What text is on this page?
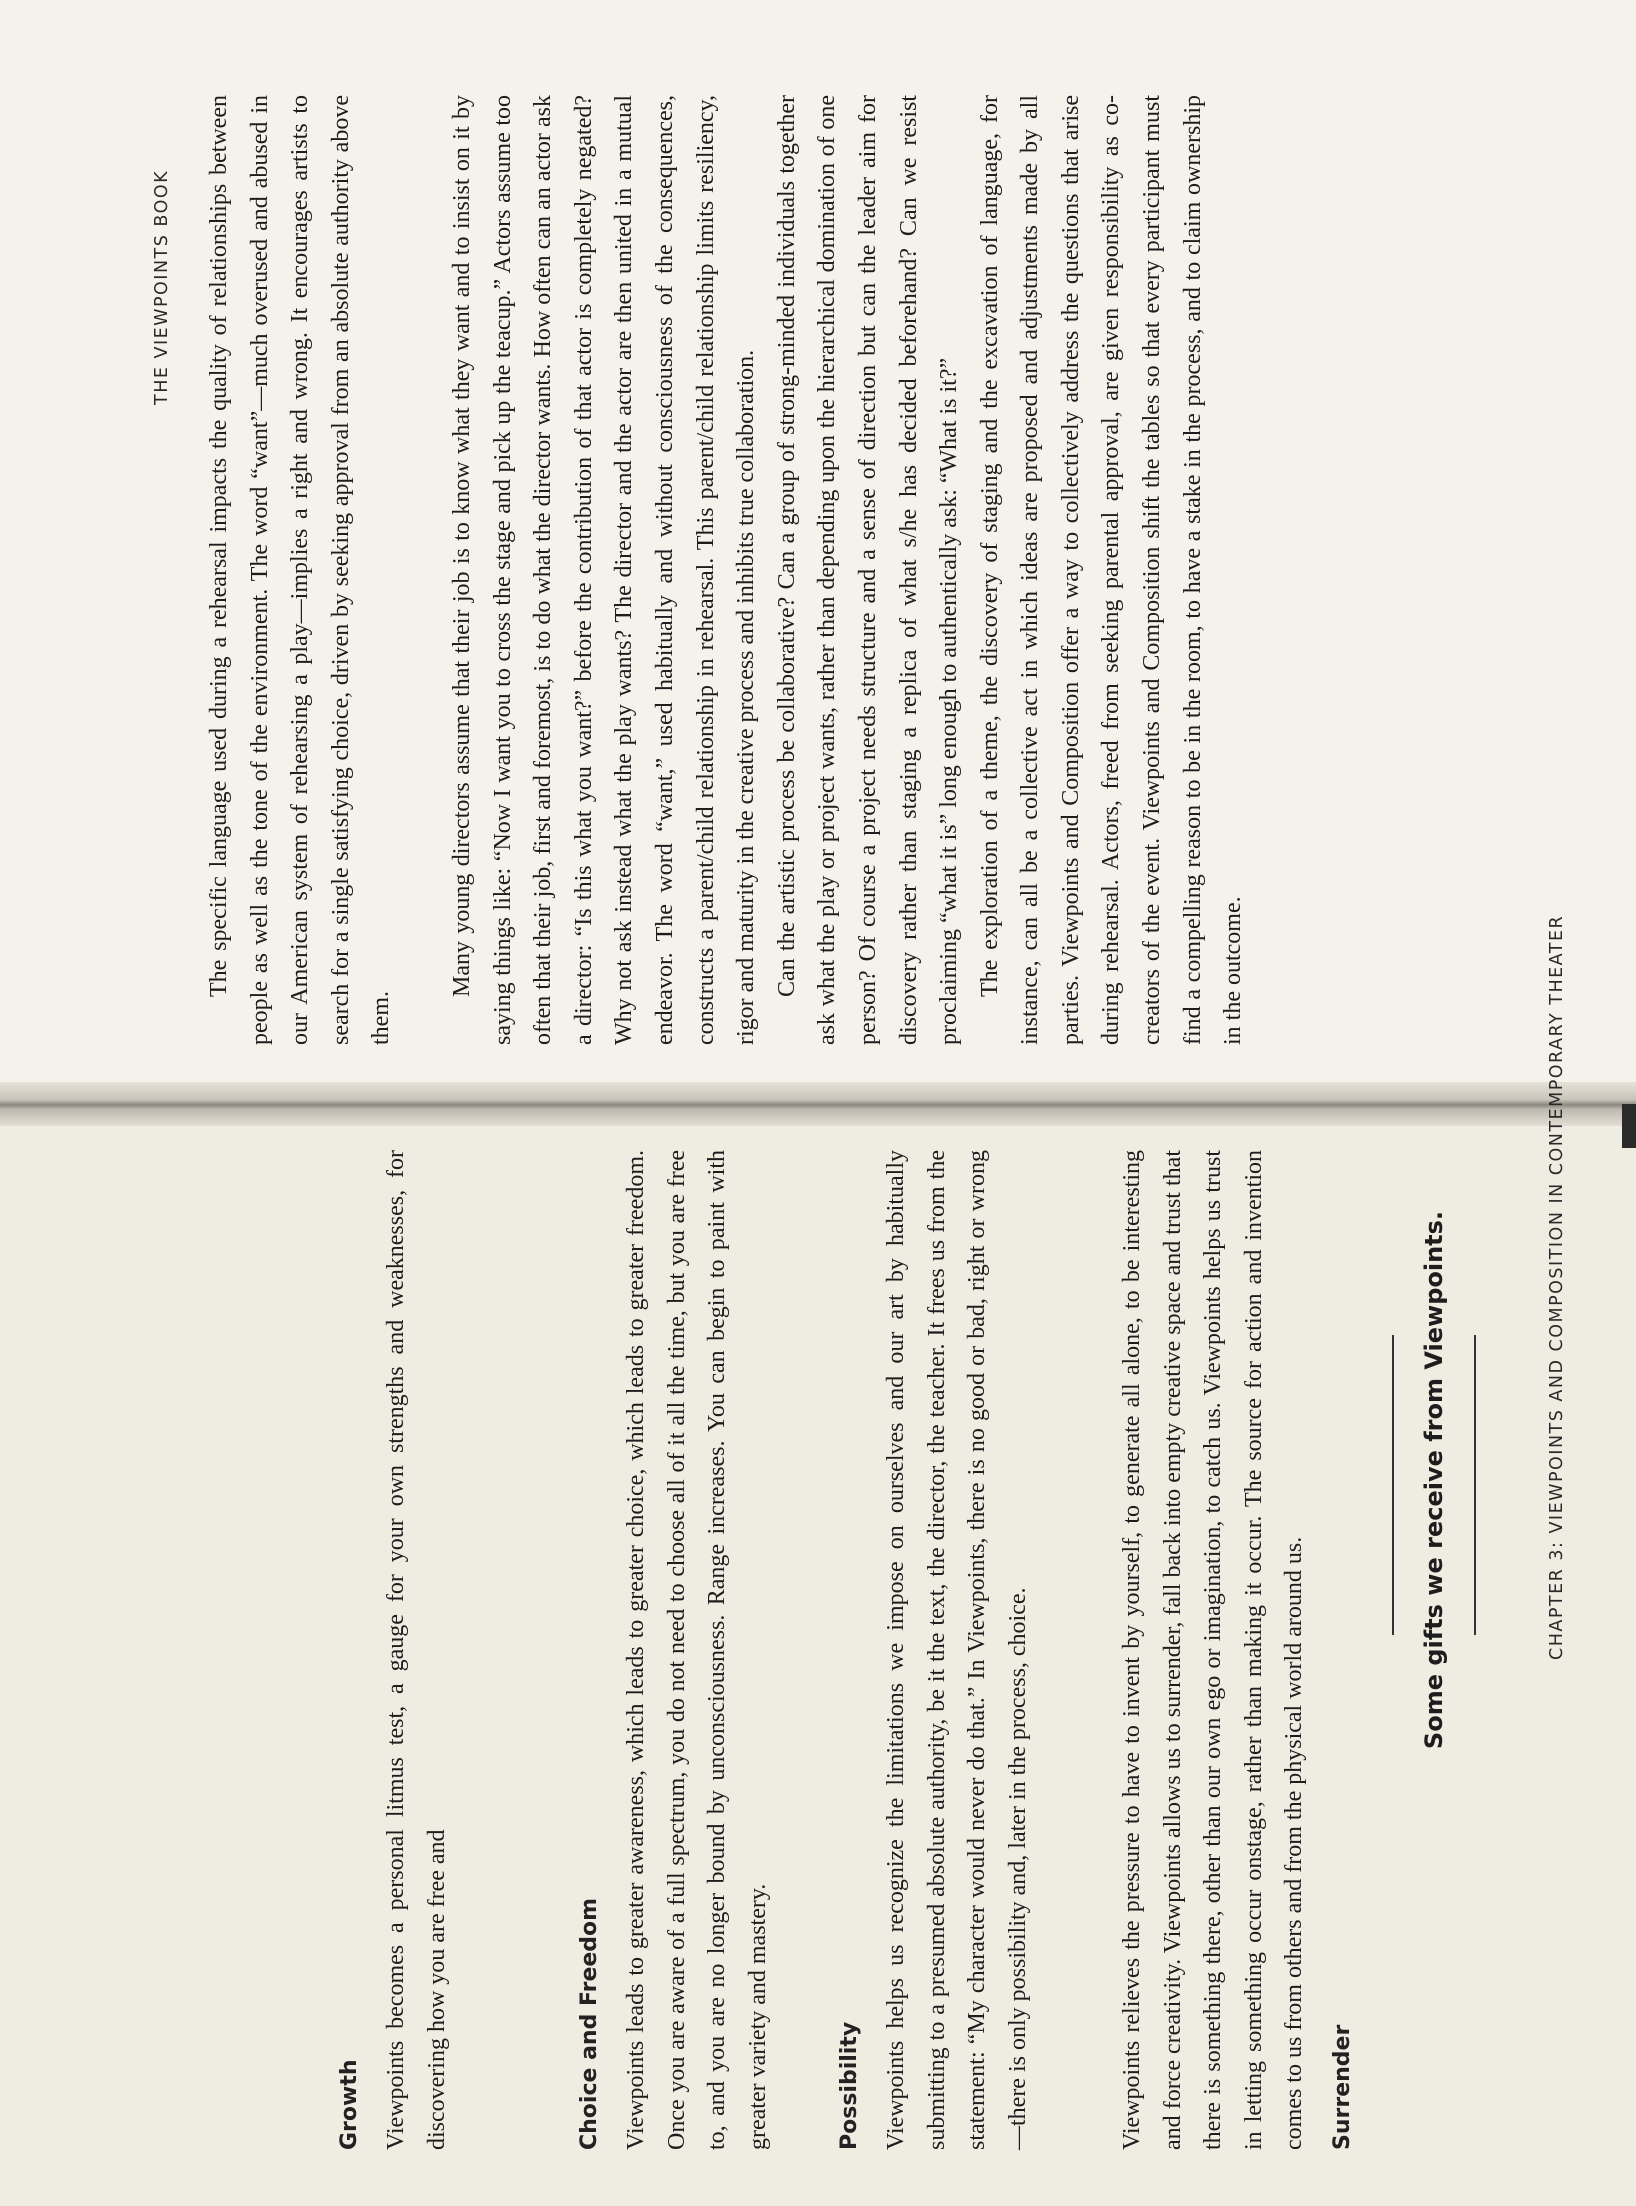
THE VIEWPOINTS BOOK The specific language used during a rehearsal impacts the quality of relationships between people as well as the tone of the environment. The word “want”—much overused and abused in our American system of rehearsing a play—implies a right and wrong. It encourages artists to search for a single satisfying choice, driven by seeking approval from an absolute authority above them.

Many young directors assume that their job is to know what they want and to insist on it by saying things like: “Now I want you to cross the stage and pick up the teacup.” Actors assume too often that their job, first and foremost, is to do what the director wants. How often can an actor ask a director: “Is this what you want?” before the contribution of that actor is completely negated? Why not ask instead what the play wants? The director and the actor are then united in a mutual endeavor. The word “want,” used habitually and without consciousness of the consequences, constructs a parent/child relationship in rehearsal. This parent/child relationship limits resiliency, rigor and maturity in the creative process and inhibits true collaboration. Can the artistic process be collaborative? Can a group of strong-minded individuals together ask what the play or project wants, rather than depending upon the hierarchical domination of one person? Of course a project needs structure and a sense of direction but can the leader aim for discovery rather than staging a replica of what s/he has decided beforehand? Can we resist proclaiming “what it is” long enough to authentically ask: “What is it?” The exploration of a theme, the discovery of staging and the excavation of language, for instance, can all be a collective act in which ideas are proposed and adjustments made by all parties. Viewpoints and Composition offer a way to collectively address the questions that arise during rehearsal. Actors, freed from seeking parental approval, are given responsibility as co-creators of the event. Viewpoints and Composition shift the tables so that every participant must find a compelling reason to be in the room, to have a stake in the process, and to claim ownership in the outcome.	CHAPTER 3: VIEWPOINTS AND COMPOSITION IN CONTEMPORARY THEATER
Some gifts we receive from Viewpoints.
Surrender

Viewpoints relieves the pressure to have to invent by yourself, to generate all alone, to be interesting and force creativity. Viewpoints allows us to surrender, fall back into empty creative space and trust that there is something there, other than our own ego or imagination, to catch us. Viewpoints helps us trust in letting something occur onstage, rather than making it occur. The source for action and invention comes to us from others and from the physical world around us.

Possibility Viewpoints helps us recognize the limitations we impose on ourselves and our art by habitually submitting to a presumed absolute authority, be it the text, the director, the teacher. It frees us from the statement: “My character would never do that.” In Viewpoints, there is no good or bad, right or wrong—there is only possibility and, later in the process, choice.

Choice and Freedom Viewpoints leads to greater awareness, which leads to greater choice, which leads to greater freedom. Once you are aware of a full spectrum, you do not need to choose all of it all the time, but you are free to, and you are no longer bound by unconsciousness. Range increases. You can begin to paint with greater variety and mastery.

Growth Viewpoints becomes a personal litmus test, a gauge for your own strengths and weaknesses, for discovering how you are free and
